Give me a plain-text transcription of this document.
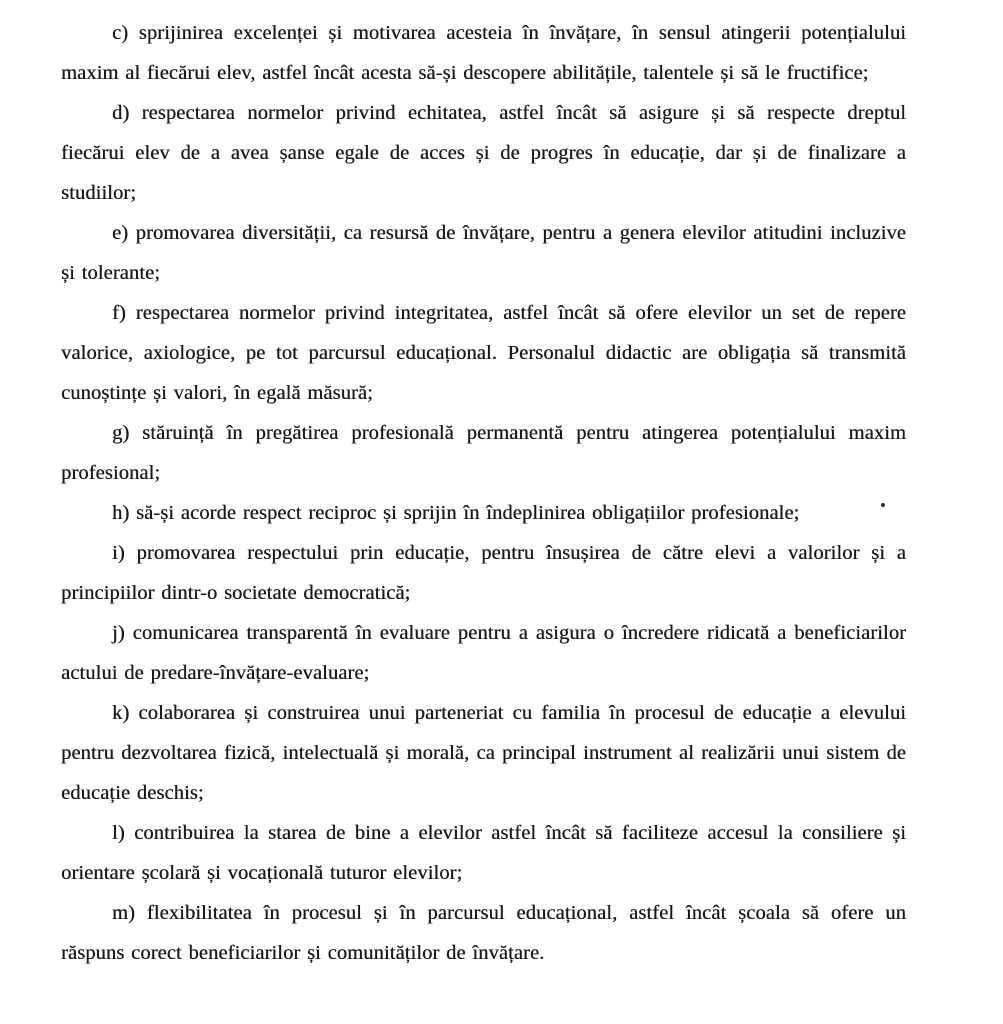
c) sprijinirea excelenței și motivarea acesteia în învățare, în sensul atingerii potențialului maxim al fiecărui elev, astfel încât acesta să-și descopere abilitățile, talentele și să le fructifice;

d) respectarea normelor privind echitatea, astfel încât să asigure și să respecte dreptul fiecărui elev de a avea șanse egale de acces și de progres în educație, dar și de finalizare a studiilor;

e) promovarea diversității, ca resursă de învățare, pentru a genera elevilor atitudini incluzive și tolerante;

f) respectarea normelor privind integritatea, astfel încât să ofere elevilor un set de repere valorice, axiologice, pe tot parcursul educațional. Personalul didactic are obligația să transmită cunoștințe și valori, în egală măsură;

g) stăruință în pregătirea profesională permanentă pentru atingerea potențialului maxim profesional;

h) să-și acorde respect reciproc și sprijin în îndeplinirea obligațiilor profesionale;

i) promovarea respectului prin educație, pentru însușirea de către elevi a valorilor și a principiilor dintr-o societate democratică;

j) comunicarea transparentă în evaluare pentru a asigura o încredere ridicată a beneficiarilor actului de predare-învățare-evaluare;

k) colaborarea și construirea unui parteneriat cu familia în procesul de educație a elevului pentru dezvoltarea fizică, intelectuală și morală, ca principal instrument al realizării unui sistem de educație deschis;

l) contribuirea la starea de bine a elevilor astfel încât să faciliteze accesul la consiliere și orientare școlară și vocațională tuturor elevilor;

m) flexibilitatea în procesul și în parcursul educațional, astfel încât școala să ofere un răspuns corect beneficiarilor și comunităților de învățare.
